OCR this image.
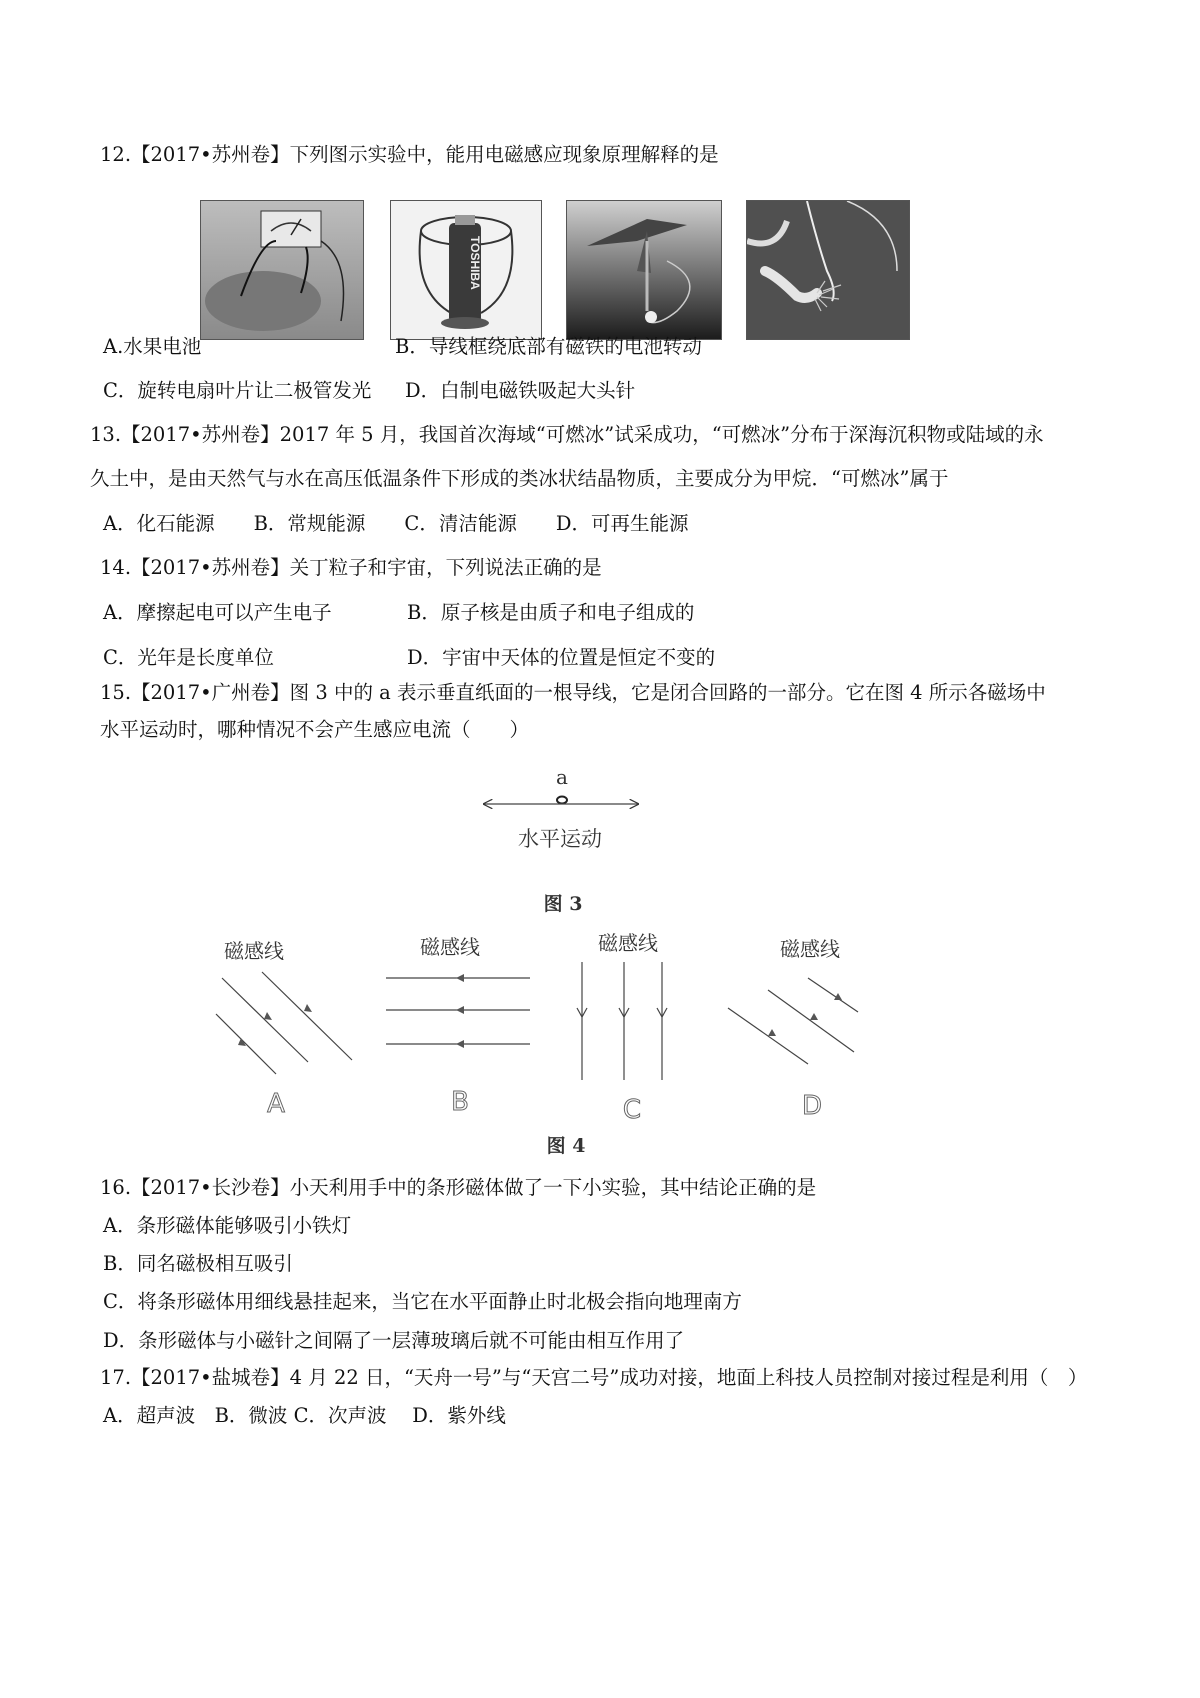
12.【2017•苏州卷】下列图示实验中，能用电磁感应现象原理解释的是
TOSHIBA
A.水果电池	B．导线框绕底部有磁铁的电池转动
C．旋转电扇叶片让二极管发光 D．白制电磁铁吸起大头针
13.【2017•苏州卷】2017 年 5 月，我国首次海域“可燃冰”试采成功，“可燃冰”分布于深海沉积物或陆域的永
久土中，是由天然气与水在高压低温条件下形成的类冰状结晶物质，主要成分为甲烷．“可燃冰”属于
A．化石能源　　B．常规能源　　C．清洁能源　　D．可再生能源
14.【2017•苏州卷】关丁粒子和宇宙，下列说法正确的是
A．摩擦起电可以产生电子	B．原子核是由质子和电子组成的
C．光年是长度单位	D．宇宙中天体的位置是恒定不变的
15.【2017•广州卷】图 3 中的 a 表示垂直纸面的一根导线，它是闭合回路的一部分。它在图 4 所示各磁场中
水平运动时，哪种情况不会产生感应电流（　　）
a
水平运动
图 3
磁感线	磁感线	磁感线	磁感线
A	B	C	D
图 4
16.【2017•长沙卷】小天利用手中的条形磁体做了一下小实验，其中结论正确的是
A．条形磁体能够吸引小铁灯
B．同名磁极相互吸引
C．将条形磁体用细线悬挂起来，当它在水平面静止时北极会指向地理南方
D．条形磁体与小磁针之间隔了一层薄玻璃后就不可能由相互作用了
17.【2017•盐城卷】4 月 22 日，“天舟一号”与“天宫二号”成功对接，地面上科技人员控制对接过程是利用（　）
A．超声波　B．微波 C．次声波　 D．紫外线
